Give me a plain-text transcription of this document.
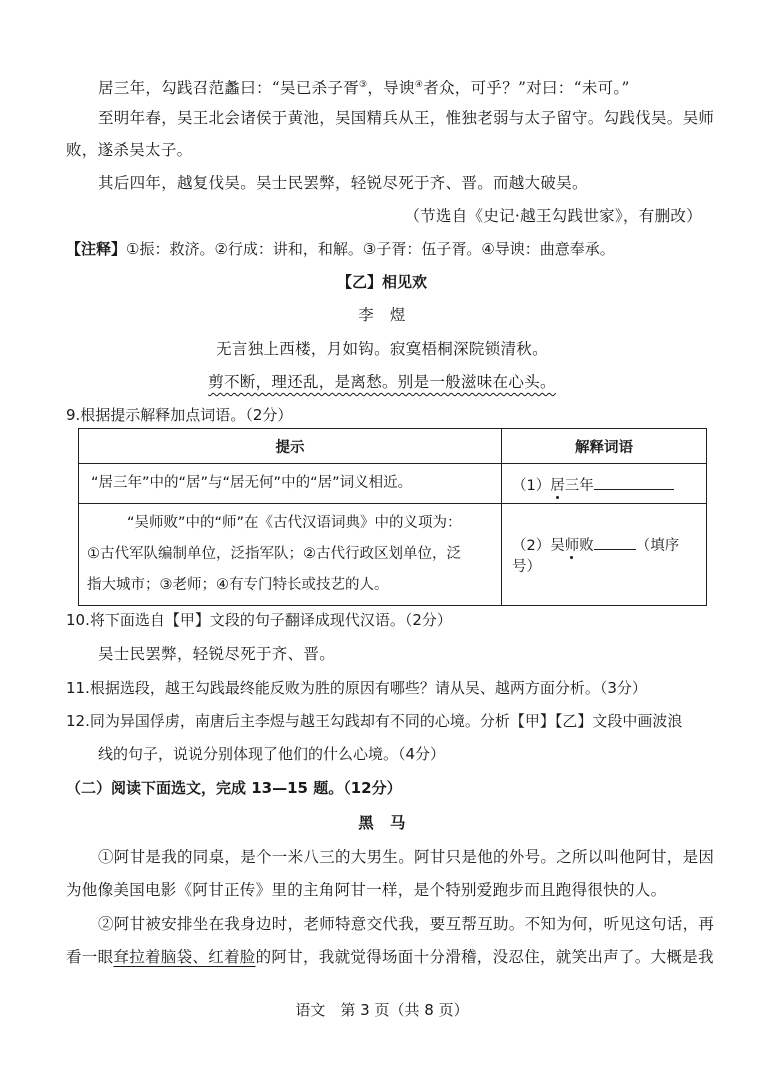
居三年，勾践召范蠡曰：“吴已杀子胥③，导谀④者众，可乎？”对曰：“未可。”
至明年春，吴王北会诸侯于黄池，吴国精兵从王，惟独老弱与太子留守。勾践伐吴。吴师
败，遂杀吴太子。
其后四年，越复伐吴。吴士民罢弊，轻锐尽死于齐、晋。而越大破吴。
（节选自《史记·越王勾践世家》，有删改）
【注释】①振：救济。②行成：讲和，和解。③子胥：伍子胥。④导谀：曲意奉承。
【乙】相见欢
李　煜
无言独上西楼，月如钩。寂寞梧桐深院锁清秋。
剪不断，理还乱，是离愁。别是一般滋味在心头。
9.根据提示解释加点词语。（2分）
提示	解释词语
“居三年”中的“居”与“居无何”中的“居”词义相近。	（1）居三年

“吴师败”中的“师”在《古代汉语词典》中的义项为：
①古代军队编制单位，泛指军队；②古代行政区划单位，泛
指大城市；③老师；④有专门特长或技艺的人。	（2）吴师败 （填序号）
10.将下面选自【甲】文段的句子翻译成现代汉语。（2分）
吴士民罢弊，轻锐尽死于齐、晋。
11.根据选段，越王勾践最终能反败为胜的原因有哪些？请从吴、越两方面分析。（3分）
12.同为异国俘虏，南唐后主李煜与越王勾践却有不同的心境。分析【甲】【乙】文段中画波浪
线的句子，说说分别体现了他们的什么心境。（4分）
（二）阅读下面选文，完成 13—15 题。（12分）
黑　马
①阿甘是我的同桌，是个一米八三的大男生。阿甘只是他的外号。之所以叫他阿甘，是因
为他像美国电影《阿甘正传》里的主角阿甘一样，是个特别爱跑步而且跑得很快的人。
②阿甘被安排坐在我身边时，老师特意交代我，要互帮互助。不知为何，听见这句话，再
看一眼耷拉着脑袋、红着脸的阿甘，我就觉得场面十分滑稽，没忍住，就笑出声了。大概是我
语文　第 3 页（共 8 页）
